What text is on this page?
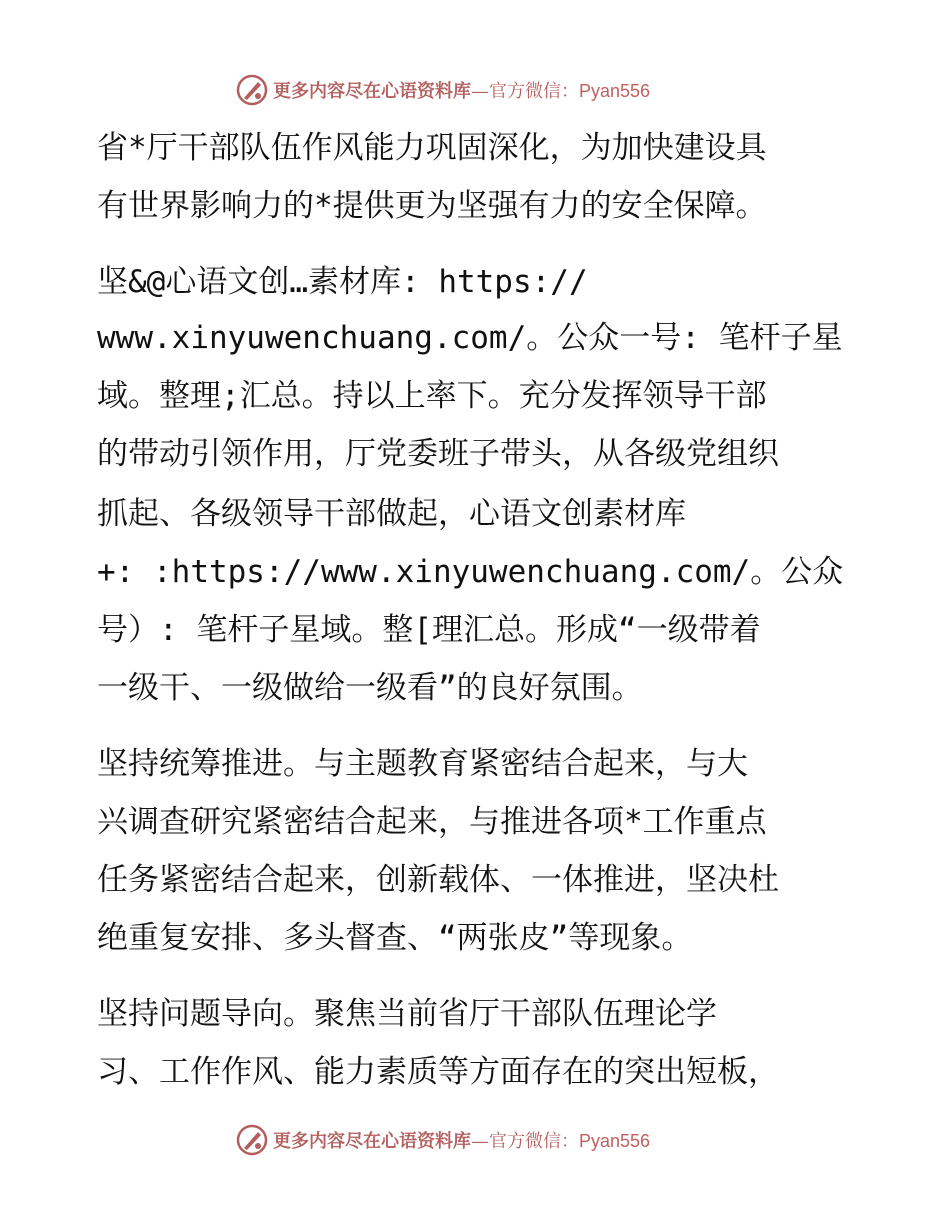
更多内容尽在心语资料库—官方微信：Pyan556
省*厅干部队伍作风能力巩固深化，为加快建设具
有世界影响力的*提供更为坚强有力的安全保障。
坚&@心语文创…素材库: https://
www.xinyuwenchuang.com/。公众一号: 笔杆子星
域。整理;汇总。持以上率下。充分发挥领导干部
的带动引领作用，厅党委班子带头，从各级党组织
抓起、各级领导干部做起，心语文创素材库
+: :https://www.xinyuwenchuang.com/。公众
号）: 笔杆子星域。整[理汇总。形成“一级带着
一级干、一级做给一级看”的良好氛围。
坚持统筹推进。与主题教育紧密结合起来，与大
兴调查研究紧密结合起来，与推进各项*工作重点
任务紧密结合起来，创新载体、一体推进，坚决杜
绝重复安排、多头督查、“两张皮”等现象。
坚持问题导向。聚焦当前省厅干部队伍理论学
习、工作作风、能力素质等方面存在的突出短板，
更多内容尽在心语资料库—官方微信：Pyan556
